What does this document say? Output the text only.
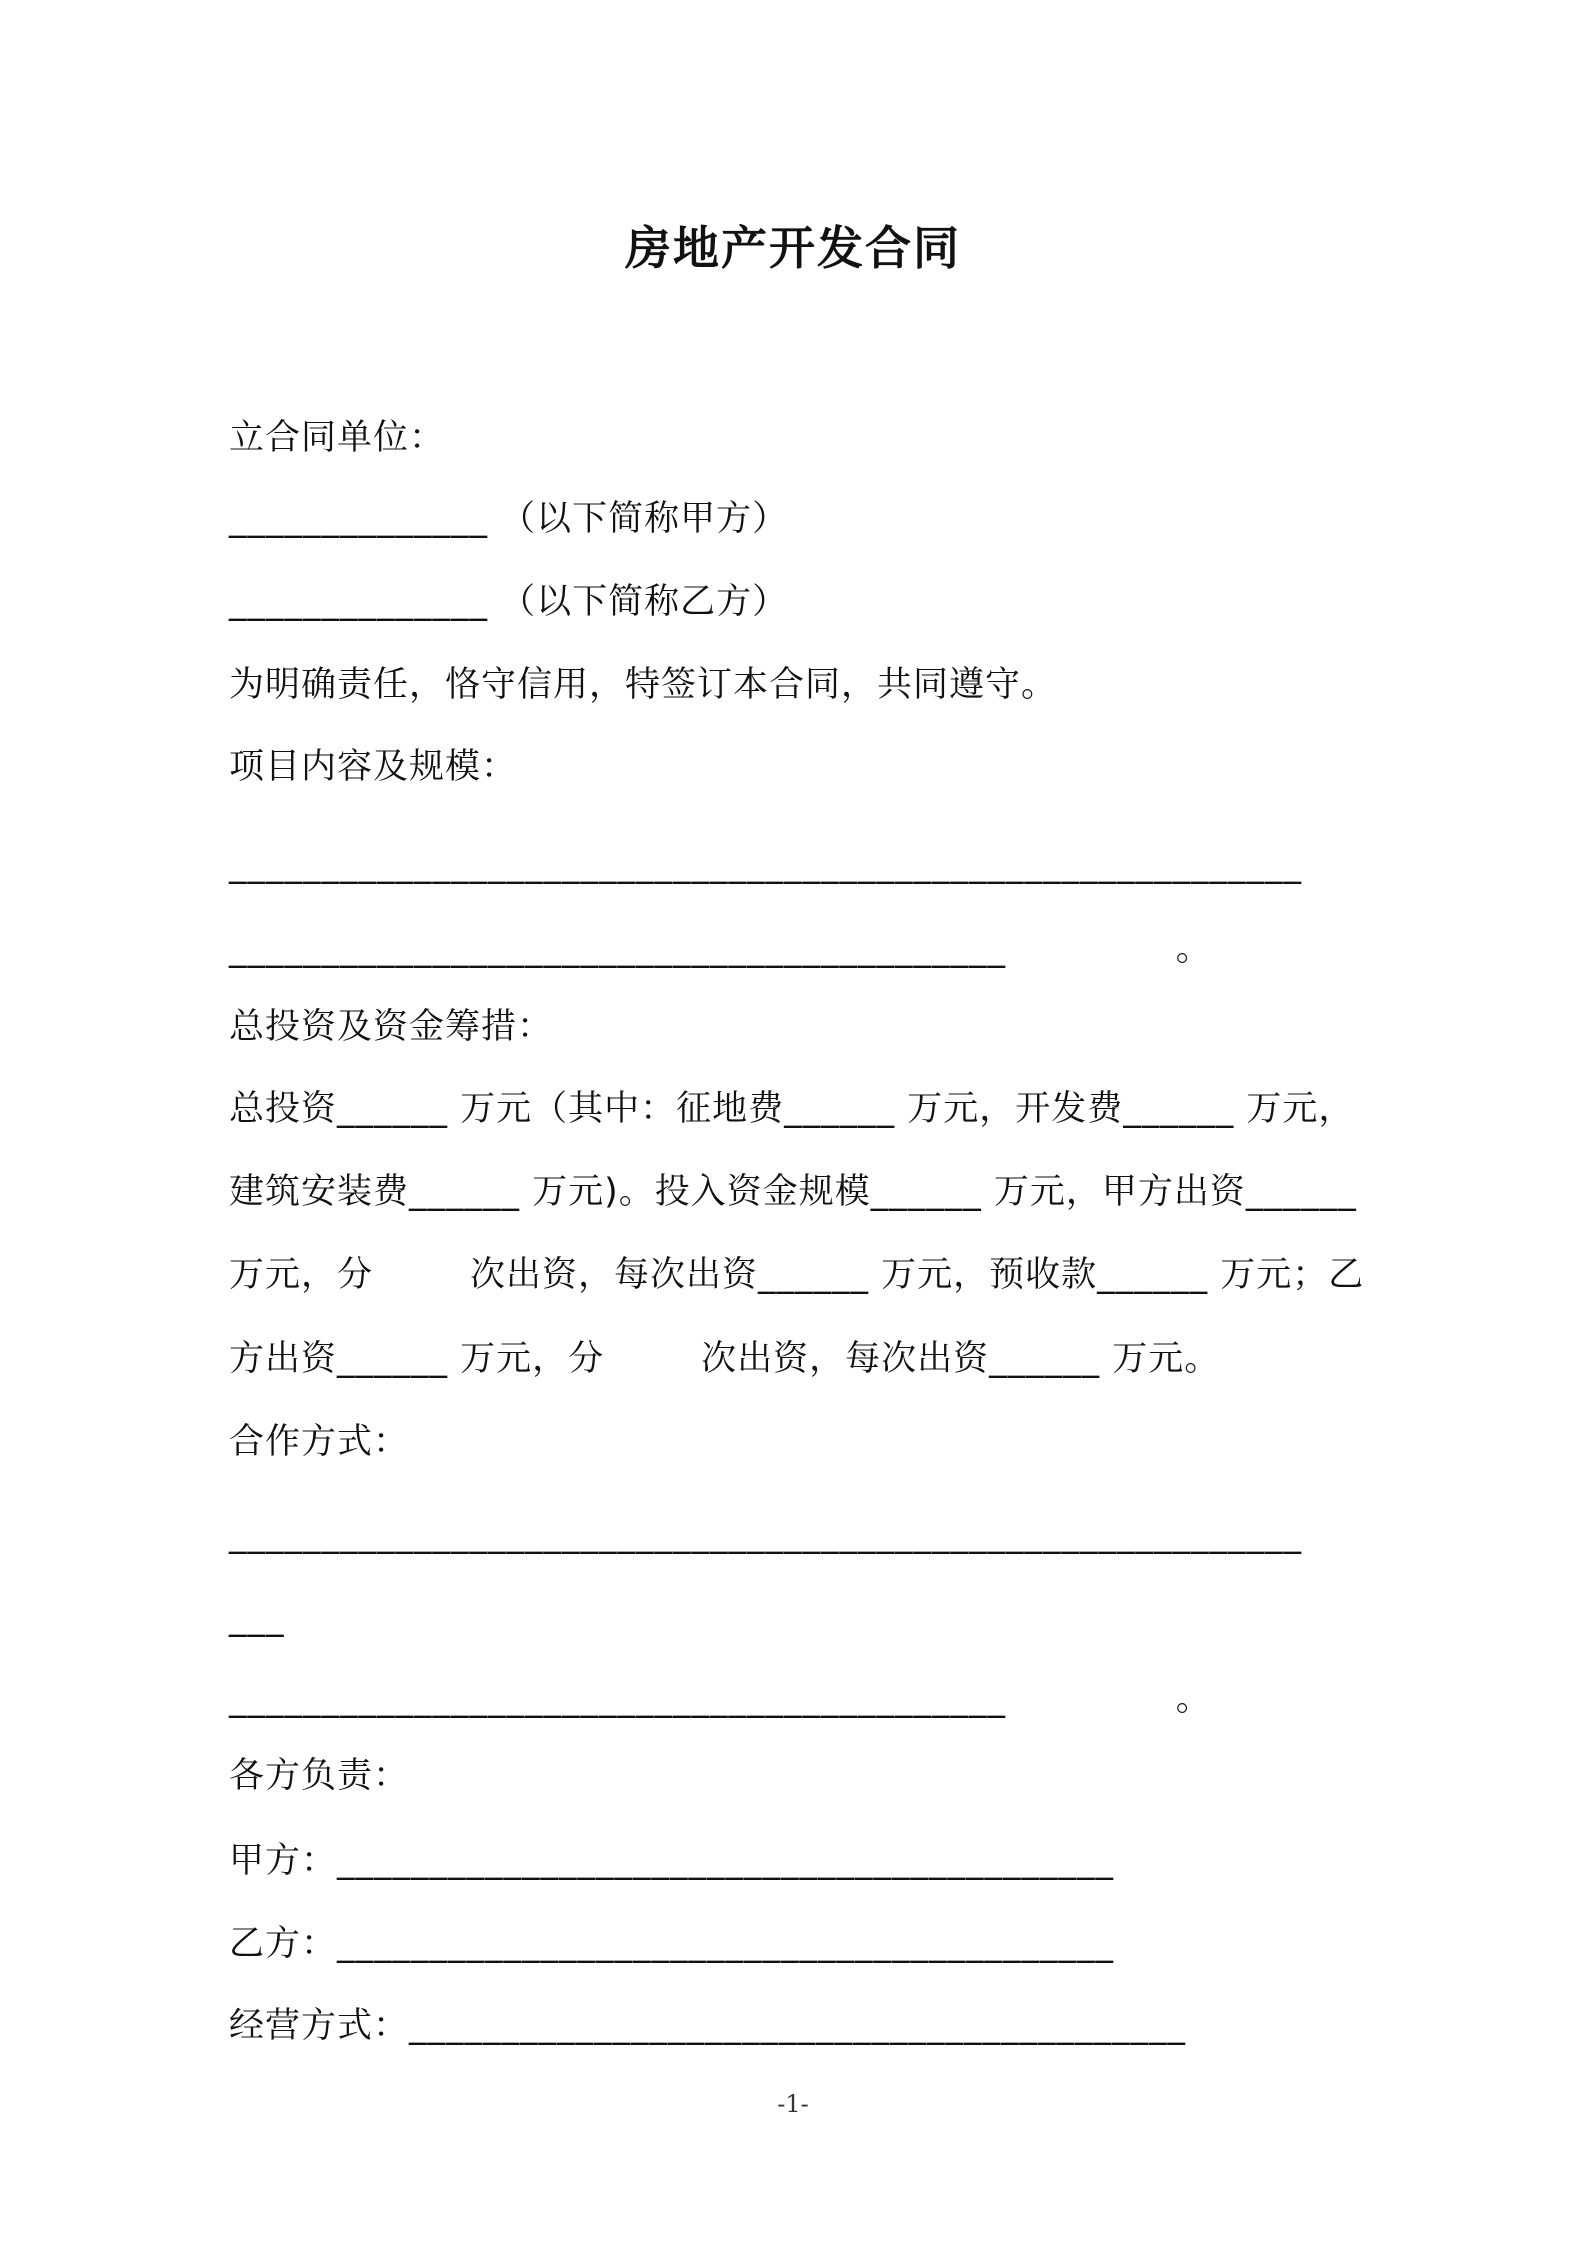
房地产开发合同
立合同单位：
______________ （以下简称甲方）
______________ （以下简称乙方）
为明确责任，恪守信用，特签订本合同，共同遵守。
项目内容及规模：
__________________________________________________________
__________________________________________              。
总投资及资金筹措：
总投资______ 万元（其中：征地费______ 万元，开发费______ 万元，
建筑安装费______ 万元)。投入资金规模______ 万元，甲方出资______
万元，分        次出资，每次出资______ 万元，预收款______ 万元；乙
方出资______ 万元，分        次出资，每次出资______ 万元。
合作方式：
__________________________________________________________
___
__________________________________________              。
各方负责：
甲方：__________________________________________
乙方：__________________________________________
经营方式：__________________________________________
-1-
